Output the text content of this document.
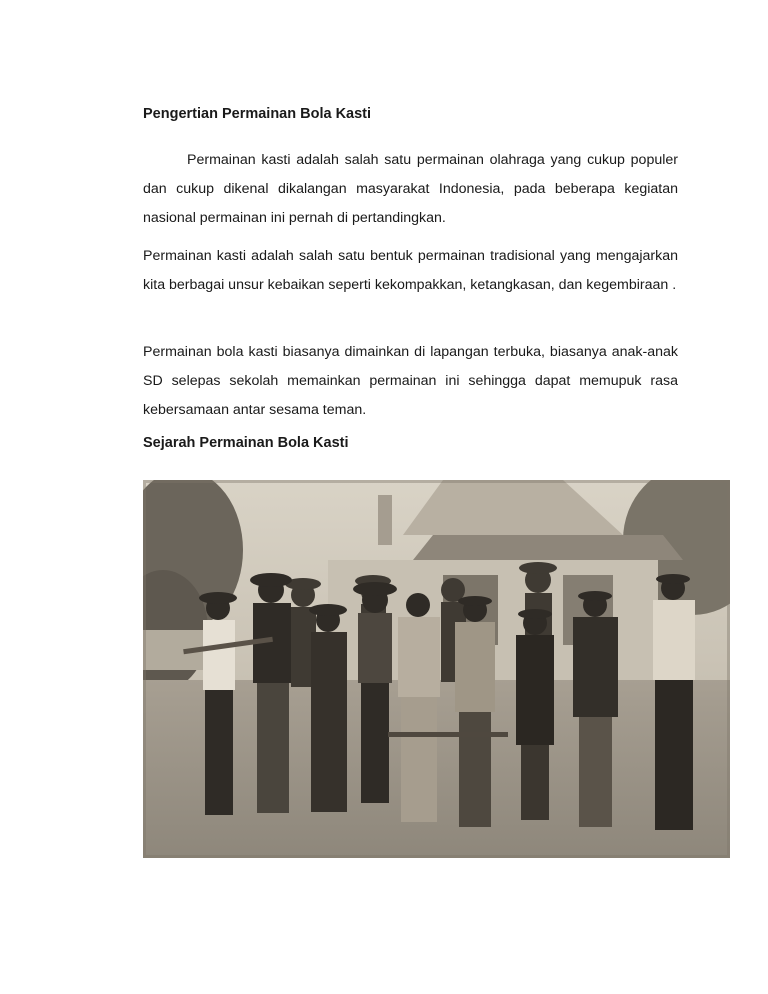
Pengertian Permainan Bola Kasti

Permainan kasti adalah salah satu permainan olahraga yang cukup populer dan cukup dikenal dikalangan masyarakat Indonesia, pada beberapa kegiatan nasional permainan ini pernah di pertandingkan.

Permainan kasti adalah salah satu bentuk permainan tradisional yang mengajarkan kita berbagai unsur kebaikan seperti kekompakkan, ketangkasan, dan kegembiraan .

Permainan bola kasti biasanya dimainkan di lapangan terbuka, biasanya anak-anak SD selepas sekolah memainkan permainan ini sehingga dapat memupuk rasa kebersamaan antar sesama teman.

Sejarah Permainan Bola Kasti
